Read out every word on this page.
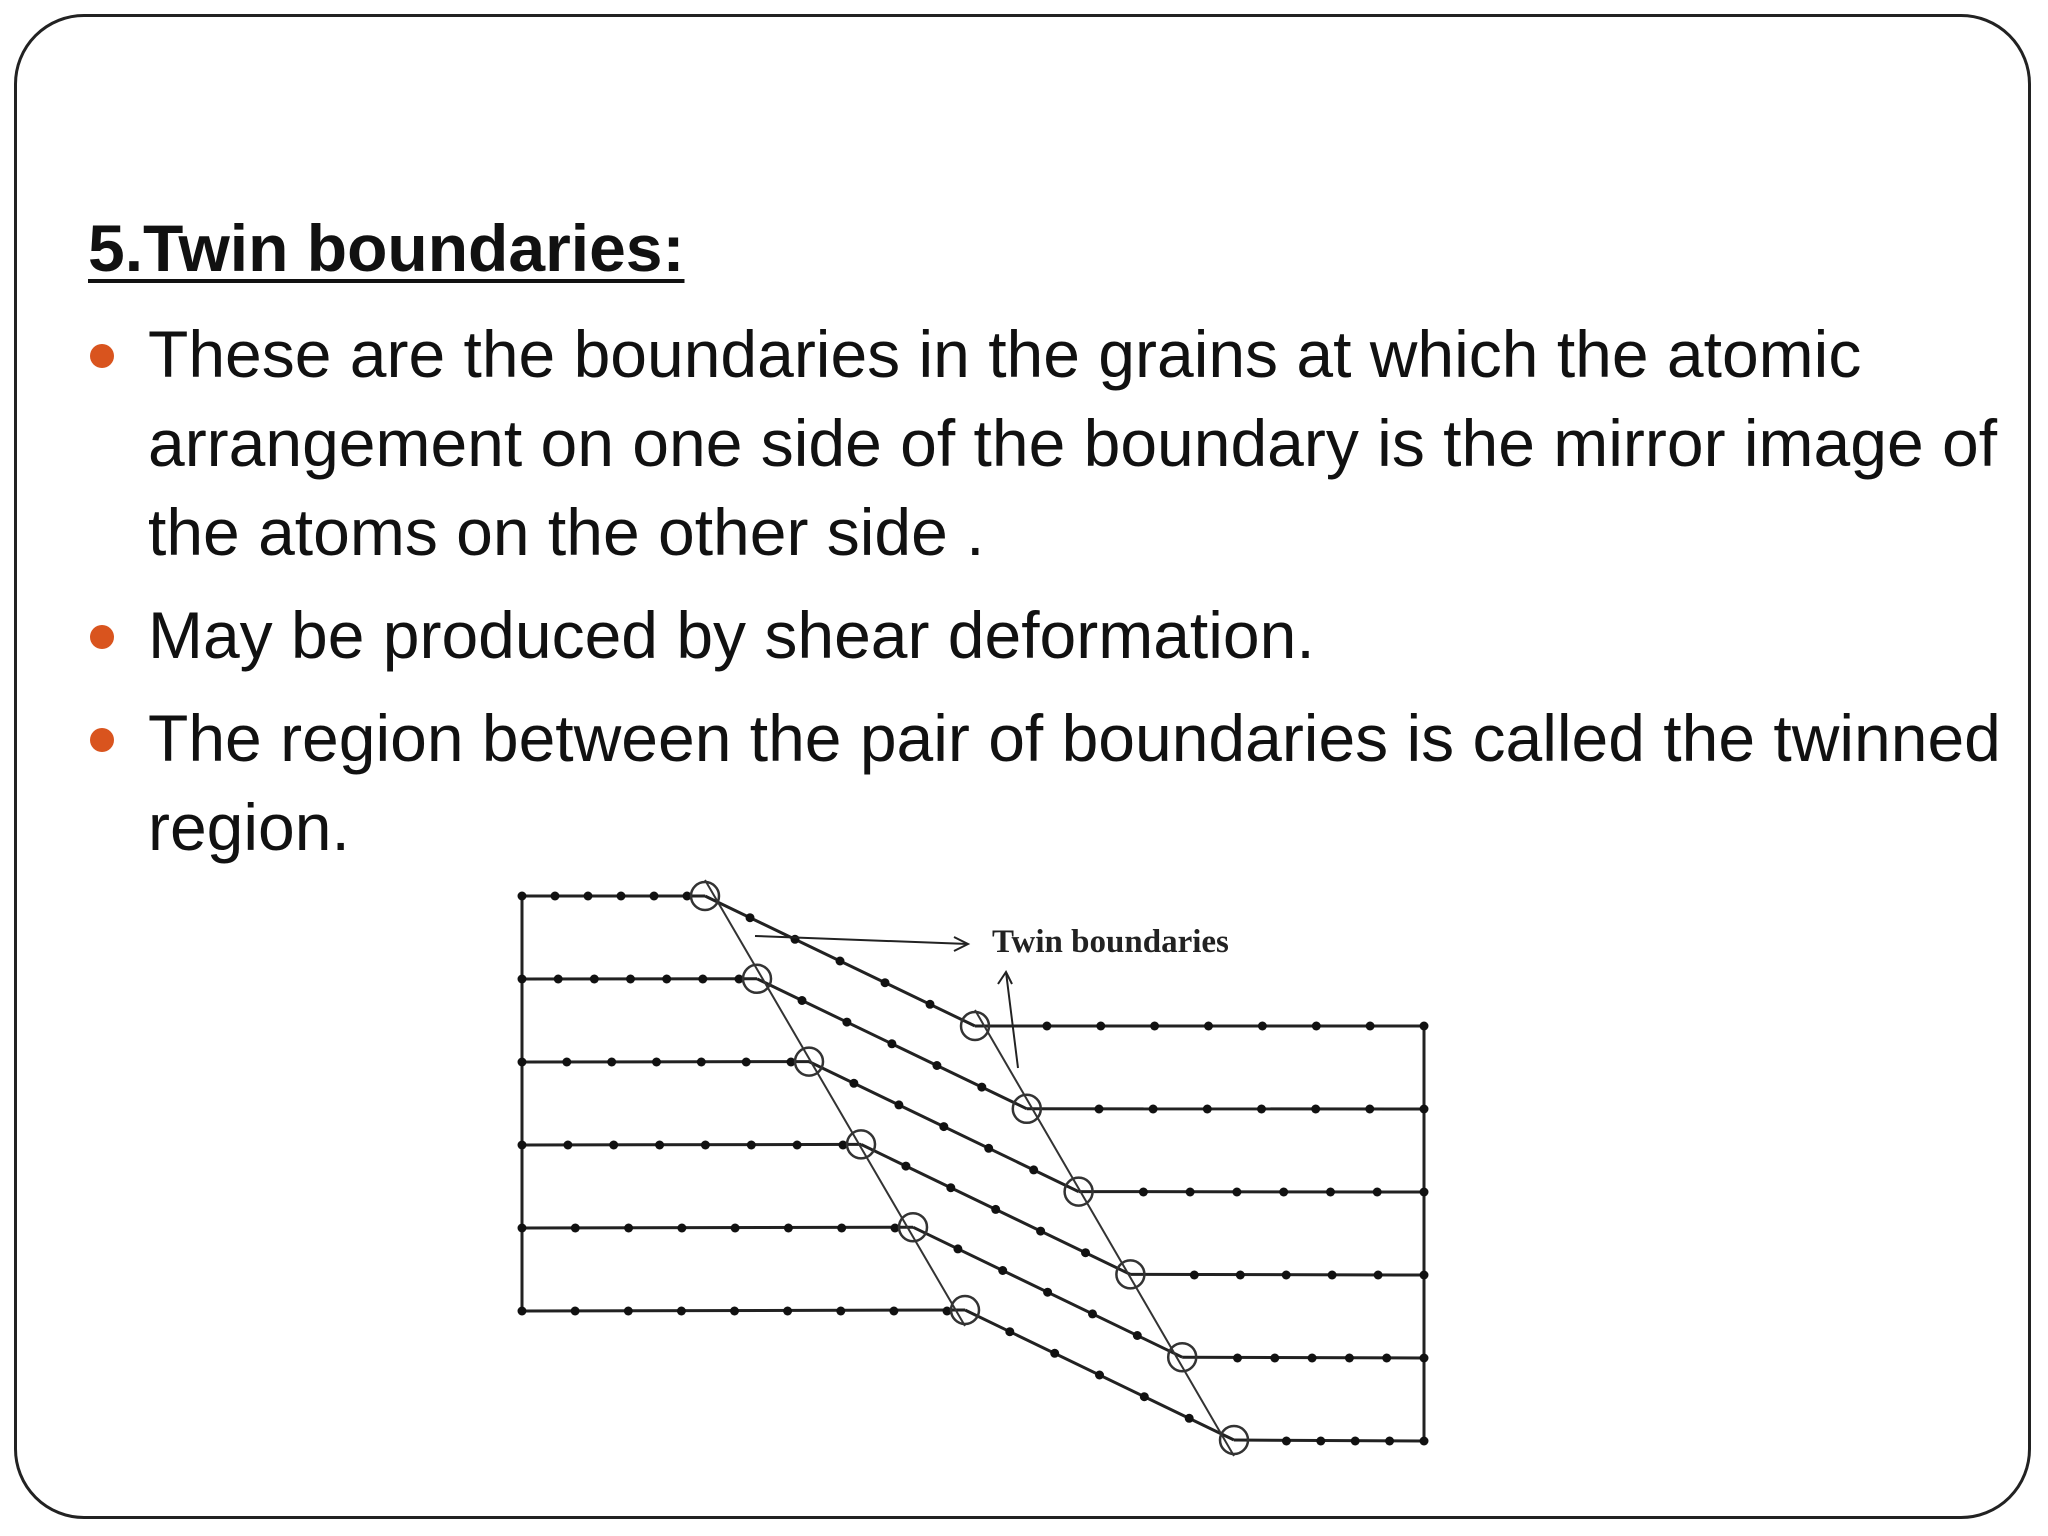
5.Twin boundaries:
These are the boundaries in the grains at which the atomic arrangement on one side of the boundary is the mirror image of the atoms on the other side .
May be produced by shear deformation.
The region between the pair of boundaries is called the twinned region.
Twin boundaries
